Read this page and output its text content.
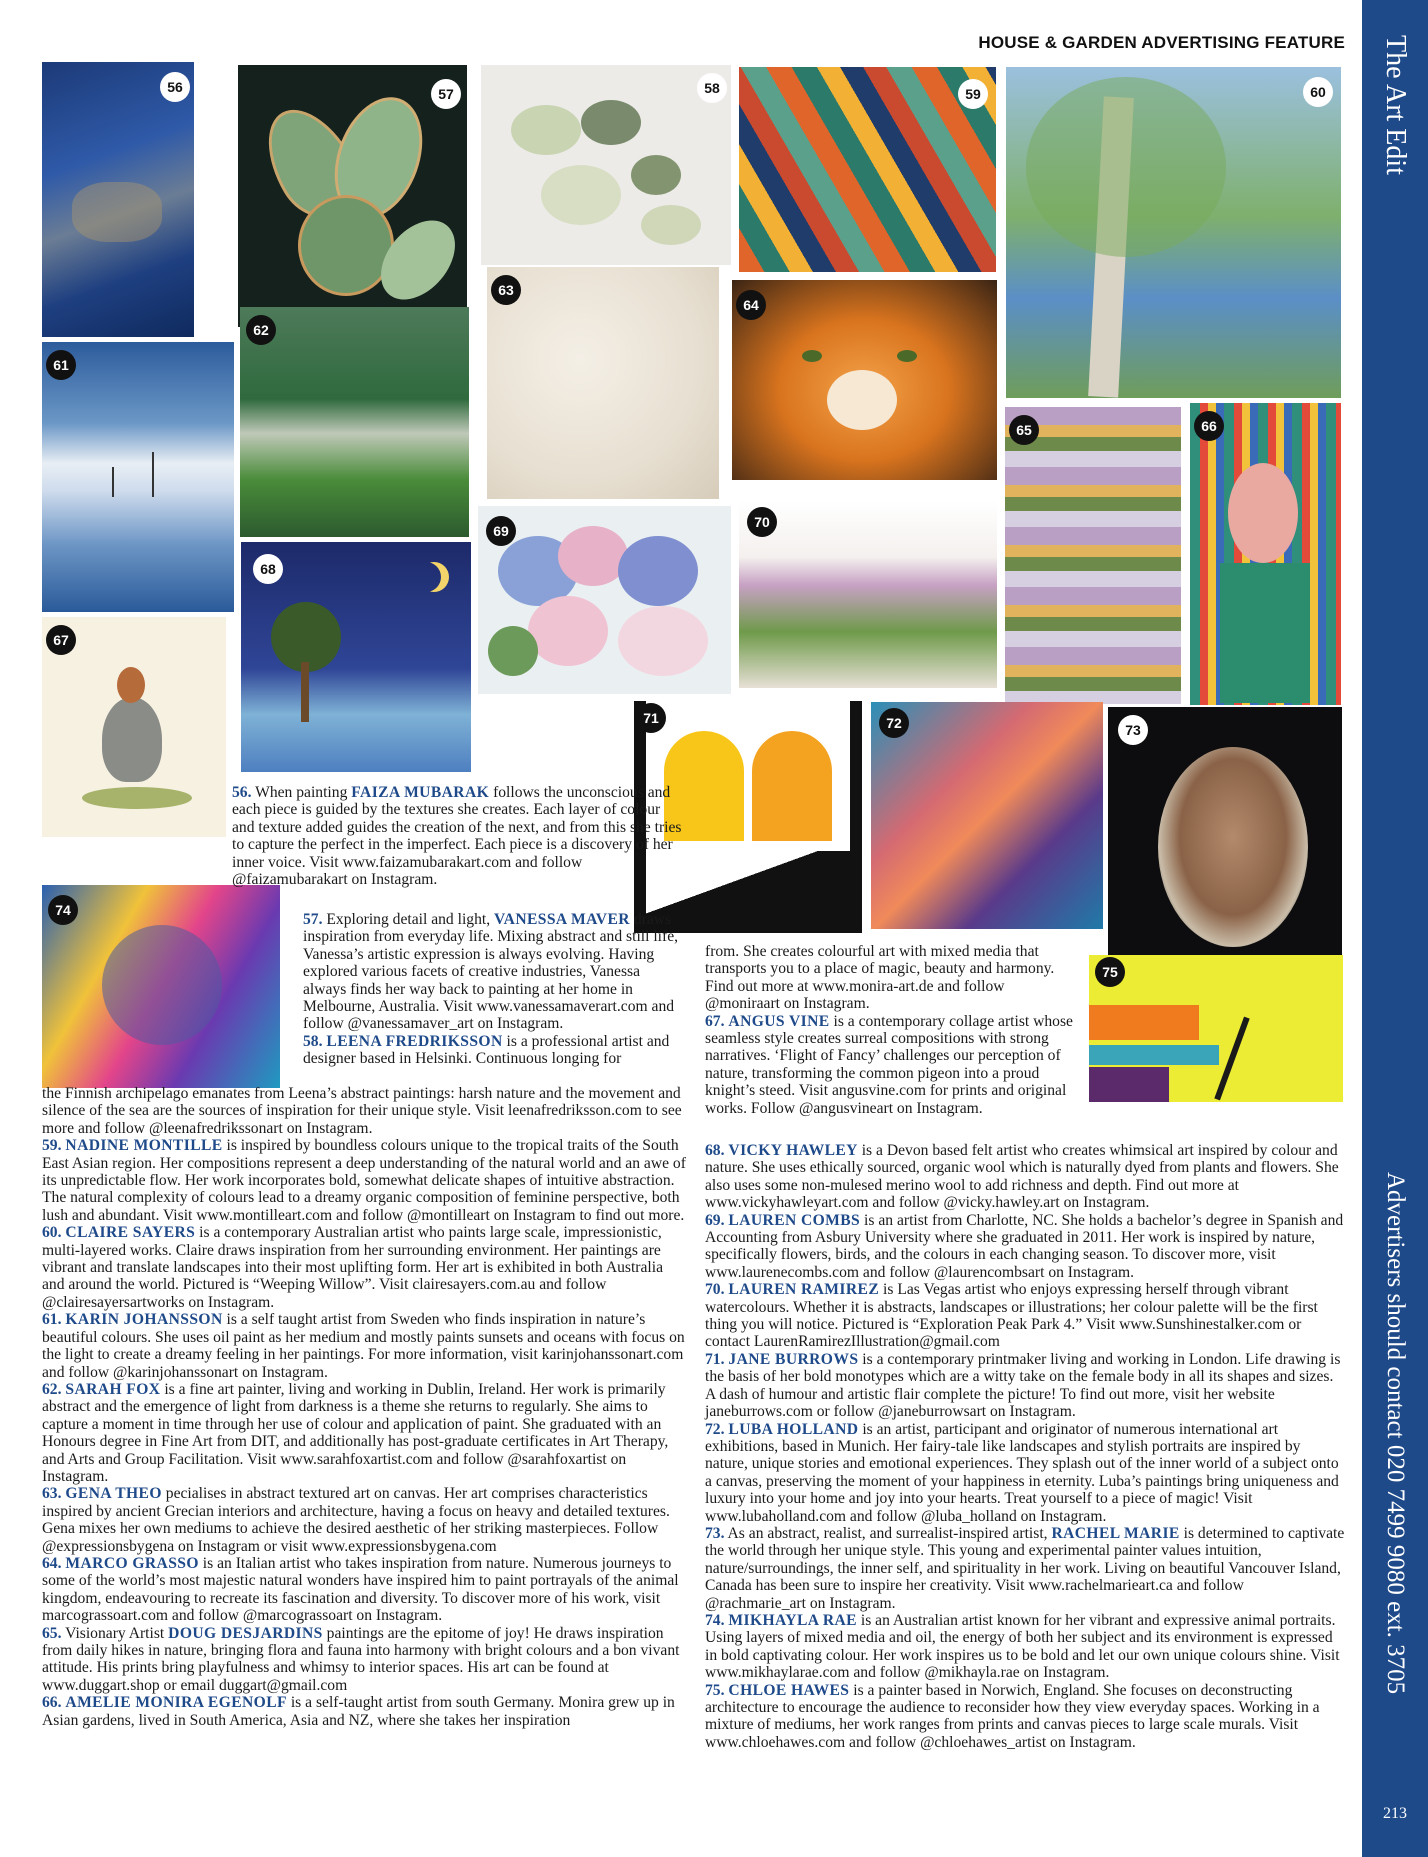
HOUSE & GARDEN ADVERTISING FEATURE The Art Edit
Advertisers should contact 020 7499 9080 ext. 3705
213
56	57	58	59	60
61
62
63
64
65	66
67
68
69
70
71	72	73
74
75

56. When painting FAIZA MUBARAK follows the unconscious and each piece is guided by the textures she creates. Each layer of colour and texture added guides the creation of the next, and from this she tries to capture the perfect in the imperfect. Each piece is a discovery of her inner voice. Visit www.faizamubarakart.com and follow @faizamubarakart on Instagram.

57. Exploring detail and light, VANESSA MAVER draws inspiration from everyday life. Mixing abstract and still life, Vanessa’s artistic expression is always evolving. Having explored various facets of creative industries, Vanessa always finds her way back to painting at her home in Melbourne, Australia. Visit www.vanessamaverart.com and follow @vanessamaver_art on Instagram.

58. LEENA FREDRIKSSON is a professional artist and designer based in Helsinki. Continuous longing for

the Finnish archipelago emanates from Leena’s abstract paintings: harsh nature and the movement and silence of the sea are the sources of inspiration for their unique style. Visit leenafredriksson.com to see more and follow @leenafredrikssonart on Instagram.

59. NADINE MONTILLE is inspired by boundless colours unique to the tropical traits of the South East Asian region. Her compositions represent a deep understanding of the natural world and an awe of its unpredictable flow. Her work incorporates bold, somewhat delicate shapes of intuitive abstraction. The natural complexity of colours lead to a dreamy organic composition of feminine perspective, both lush and abundant. Visit www.montilleart.com and follow @montilleart on Instagram to find out more.

60. CLAIRE SAYERS is a contemporary Australian artist who paints large scale, impressionistic, multi-layered works. Claire draws inspiration from her surrounding environment. Her paintings are vibrant and translate landscapes into their most uplifting form. Her art is exhibited in both Australia and around the world. Pictured is “Weeping Willow”. Visit clairesayers.com.au and follow @clairesayersartworks on Instagram.

61. KARIN JOHANSSON is a self taught artist from Sweden who finds inspiration in nature’s beautiful colours. She uses oil paint as her medium and mostly paints sunsets and oceans with focus on the light to create a dreamy feeling in her paintings. For more information, visit karinjohanssonart.com and follow @karinjohanssonart on Instagram.

62. SARAH FOX is a fine art painter, living and working in Dublin, Ireland. Her work is primarily abstract and the emergence of light from darkness is a theme she returns to regularly. She aims to capture a moment in time through her use of colour and application of paint. She graduated with an Honours degree in Fine Art from DIT, and additionally has post-graduate certificates in Art Therapy, and Arts and Group Facilitation. Visit www.sarahfoxartist.com and follow @sarahfoxartist on Instagram.

63. GENA THEO pecialises in abstract textured art on canvas. Her art comprises characteristics inspired by ancient Grecian interiors and architecture, having a focus on heavy and detailed textures. Gena mixes her own mediums to achieve the desired aesthetic of her striking masterpieces. Follow @expressionsbygena on Instagram or visit www.expressionsbygena.com

64. MARCO GRASSO is an Italian artist who takes inspiration from nature. Numerous journeys to some of the world’s most majestic natural wonders have inspired him to paint portrayals of the animal kingdom, endeavouring to recreate its fascination and diversity. To discover more of his work, visit marcograssoart.com and follow @marcograssoart on Instagram.

65. Visionary Artist DOUG DESJARDINS paintings are the epitome of joy! He draws inspiration from daily hikes in nature, bringing flora and fauna into harmony with bright colours and a bon vivant attitude. His prints bring playfulness and whimsy to interior spaces. His art can be found at www.duggart.shop or email duggart@gmail.com

66. AMELIE MONIRA EGENOLF is a self-taught artist from south Germany. Monira grew up in Asian gardens, lived in South America, Asia and NZ, where she takes her inspiration

from. She creates colourful art with mixed media that transports you to a place of magic, beauty and harmony. Find out more at www.monira-art.de and follow @moniraart on Instagram.

67. ANGUS VINE is a contemporary collage artist whose seamless style creates surreal compositions with strong narratives. ‘Flight of Fancy’ challenges our perception of nature, transforming the common pigeon into a proud knight’s steed. Visit angusvine.com for prints and original works. Follow @angusvineart on Instagram.

68. VICKY HAWLEY is a Devon based felt artist who creates whimsical art inspired by colour and nature. She uses ethically sourced, organic wool which is naturally dyed from plants and flowers. She also uses some non-mulesed merino wool to add richness and depth. Find out more at www.vickyhawleyart.com and follow @vicky.hawley.art on Instagram.

69. LAUREN COMBS is an artist from Charlotte, NC. She holds a bachelor’s degree in Spanish and Accounting from Asbury University where she graduated in 2011. Her work is inspired by nature, specifically flowers, birds, and the colours in each changing season. To discover more, visit www.laurenecombs.com and follow @laurencombsart on Instagram.

70. LAUREN RAMIREZ is Las Vegas artist who enjoys expressing herself through vibrant watercolours. Whether it is abstracts, landscapes or illustrations; her colour palette will be the first thing you will notice. Pictured is “Exploration Peak Park 4.” Visit www.Sunshinestalker.com or contact LaurenRamirezIllustration@gmail.com

71. JANE BURROWS is a contemporary printmaker living and working in London. Life drawing is the basis of her bold monotypes which are a witty take on the female body in all its shapes and sizes. A dash of humour and artistic flair complete the picture! To find out more, visit her website janeburrows.com or follow @janeburrowsart on Instagram.

72. LUBA HOLLAND is an artist, participant and originator of numerous international art exhibitions, based in Munich. Her fairy-tale like landscapes and stylish portraits are inspired by nature, unique stories and emotional experiences. They splash out of the inner world of a subject onto a canvas, preserving the moment of your happiness in eternity. Luba’s paintings bring uniqueness and luxury into your home and joy into your hearts. Treat yourself to a piece of magic! Visit www.lubaholland.com and follow @luba_holland on Instagram.

73. As an abstract, realist, and surrealist-inspired artist, RACHEL MARIE is determined to captivate the world through her unique style. This young and experimental painter values intuition, nature/surroundings, the inner self, and spirituality in her work. Living on beautiful Vancouver Island, Canada has been sure to inspire her creativity. Visit www.rachelmarieart.ca and follow @rachmarie_art on Instagram.

74. MIKHAYLA RAE is an Australian artist known for her vibrant and expressive animal portraits. Using layers of mixed media and oil, the energy of both her subject and its environment is expressed in bold captivating colour. Her work inspires us to be bold and let our own unique colours shine. Visit www.mikhaylarae.com and follow @mikhayla.rae on Instagram.

75. CHLOE HAWES is a painter based in Norwich, England. She focuses on deconstructing architecture to encourage the audience to reconsider how they view everyday spaces. Working in a mixture of mediums, her work ranges from prints and canvas pieces to large scale murals. Visit www.chloehawes.com and follow @chloehawes_artist on Instagram.
